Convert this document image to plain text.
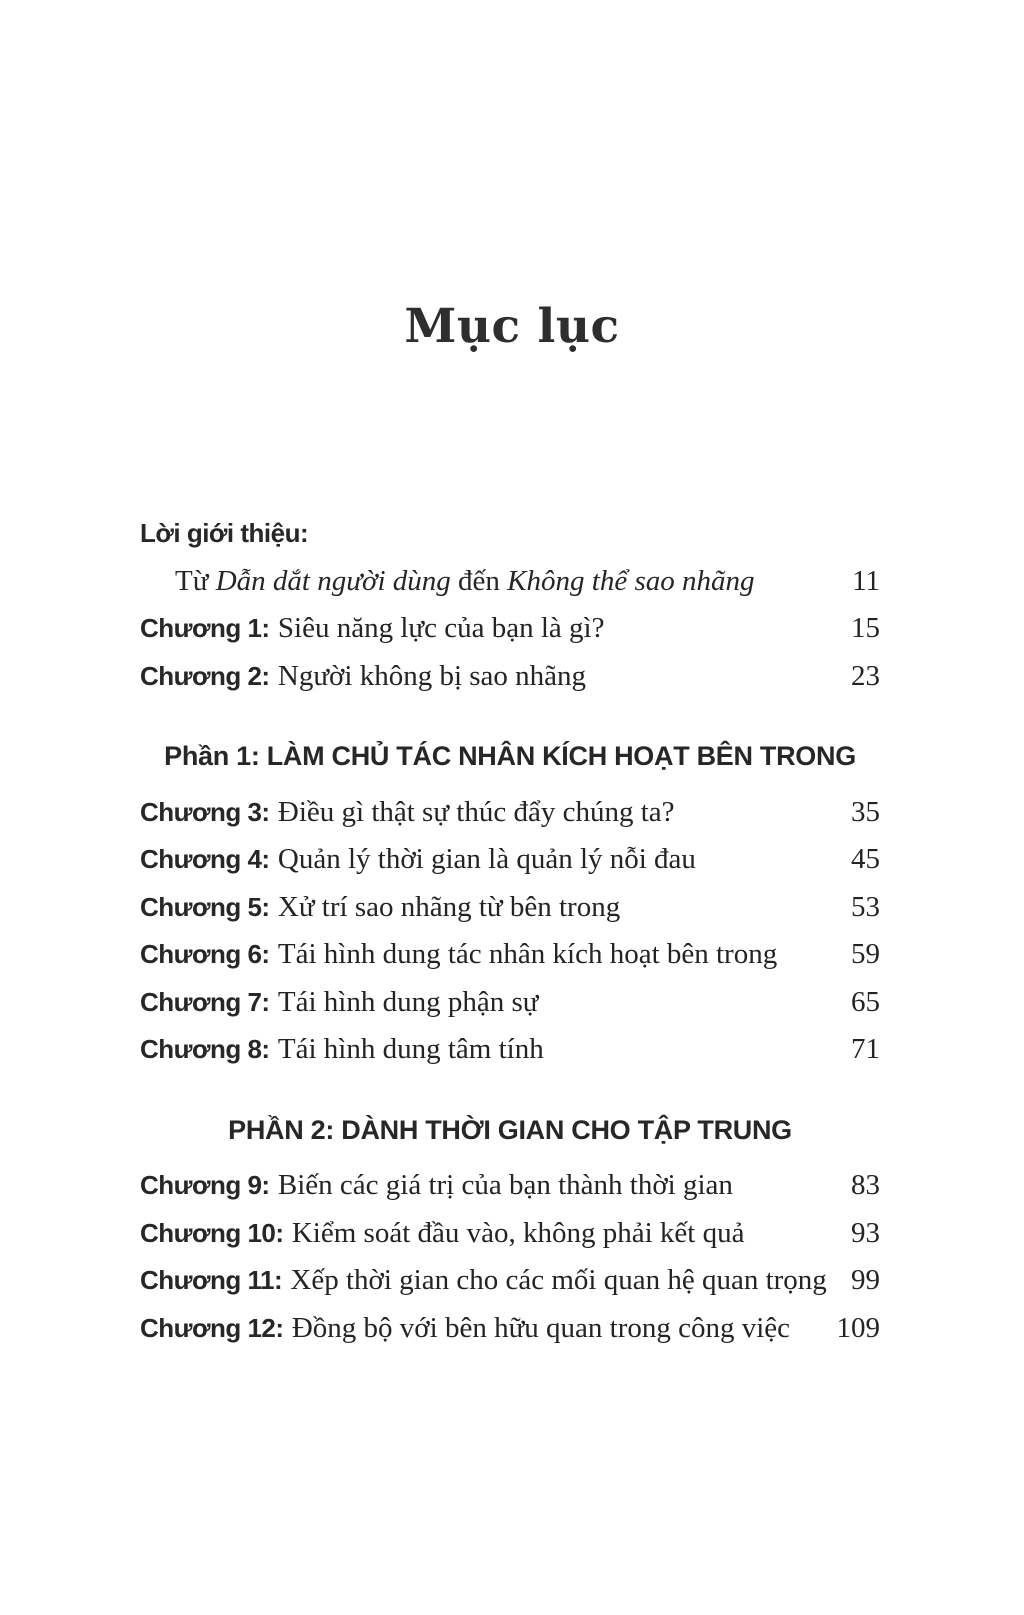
Mục lục
Lời giới thiệu:
Từ Dẫn dắt người dùng đến Không thể sao nhãng	11
Chương 1: Siêu năng lực của bạn là gì?	15
Chương 2: Người không bị sao nhãng	23
Phần 1: LÀM CHỦ TÁC NHÂN KÍCH HOẠT BÊN TRONG
Chương 3: Điều gì thật sự thúc đẩy chúng ta?	35
Chương 4: Quản lý thời gian là quản lý nỗi đau	45
Chương 5: Xử trí sao nhãng từ bên trong	53
Chương 6: Tái hình dung tác nhân kích hoạt bên trong	59
Chương 7: Tái hình dung phận sự	65
Chương 8: Tái hình dung tâm tính	71
PHẦN 2: DÀNH THỜI GIAN CHO TẬP TRUNG
Chương 9: Biến các giá trị của bạn thành thời gian	83
Chương 10: Kiểm soát đầu vào, không phải kết quả	93
Chương 11: Xếp thời gian cho các mối quan hệ quan trọng 99
Chương 12: Đồng bộ với bên hữu quan trong công việc 109
